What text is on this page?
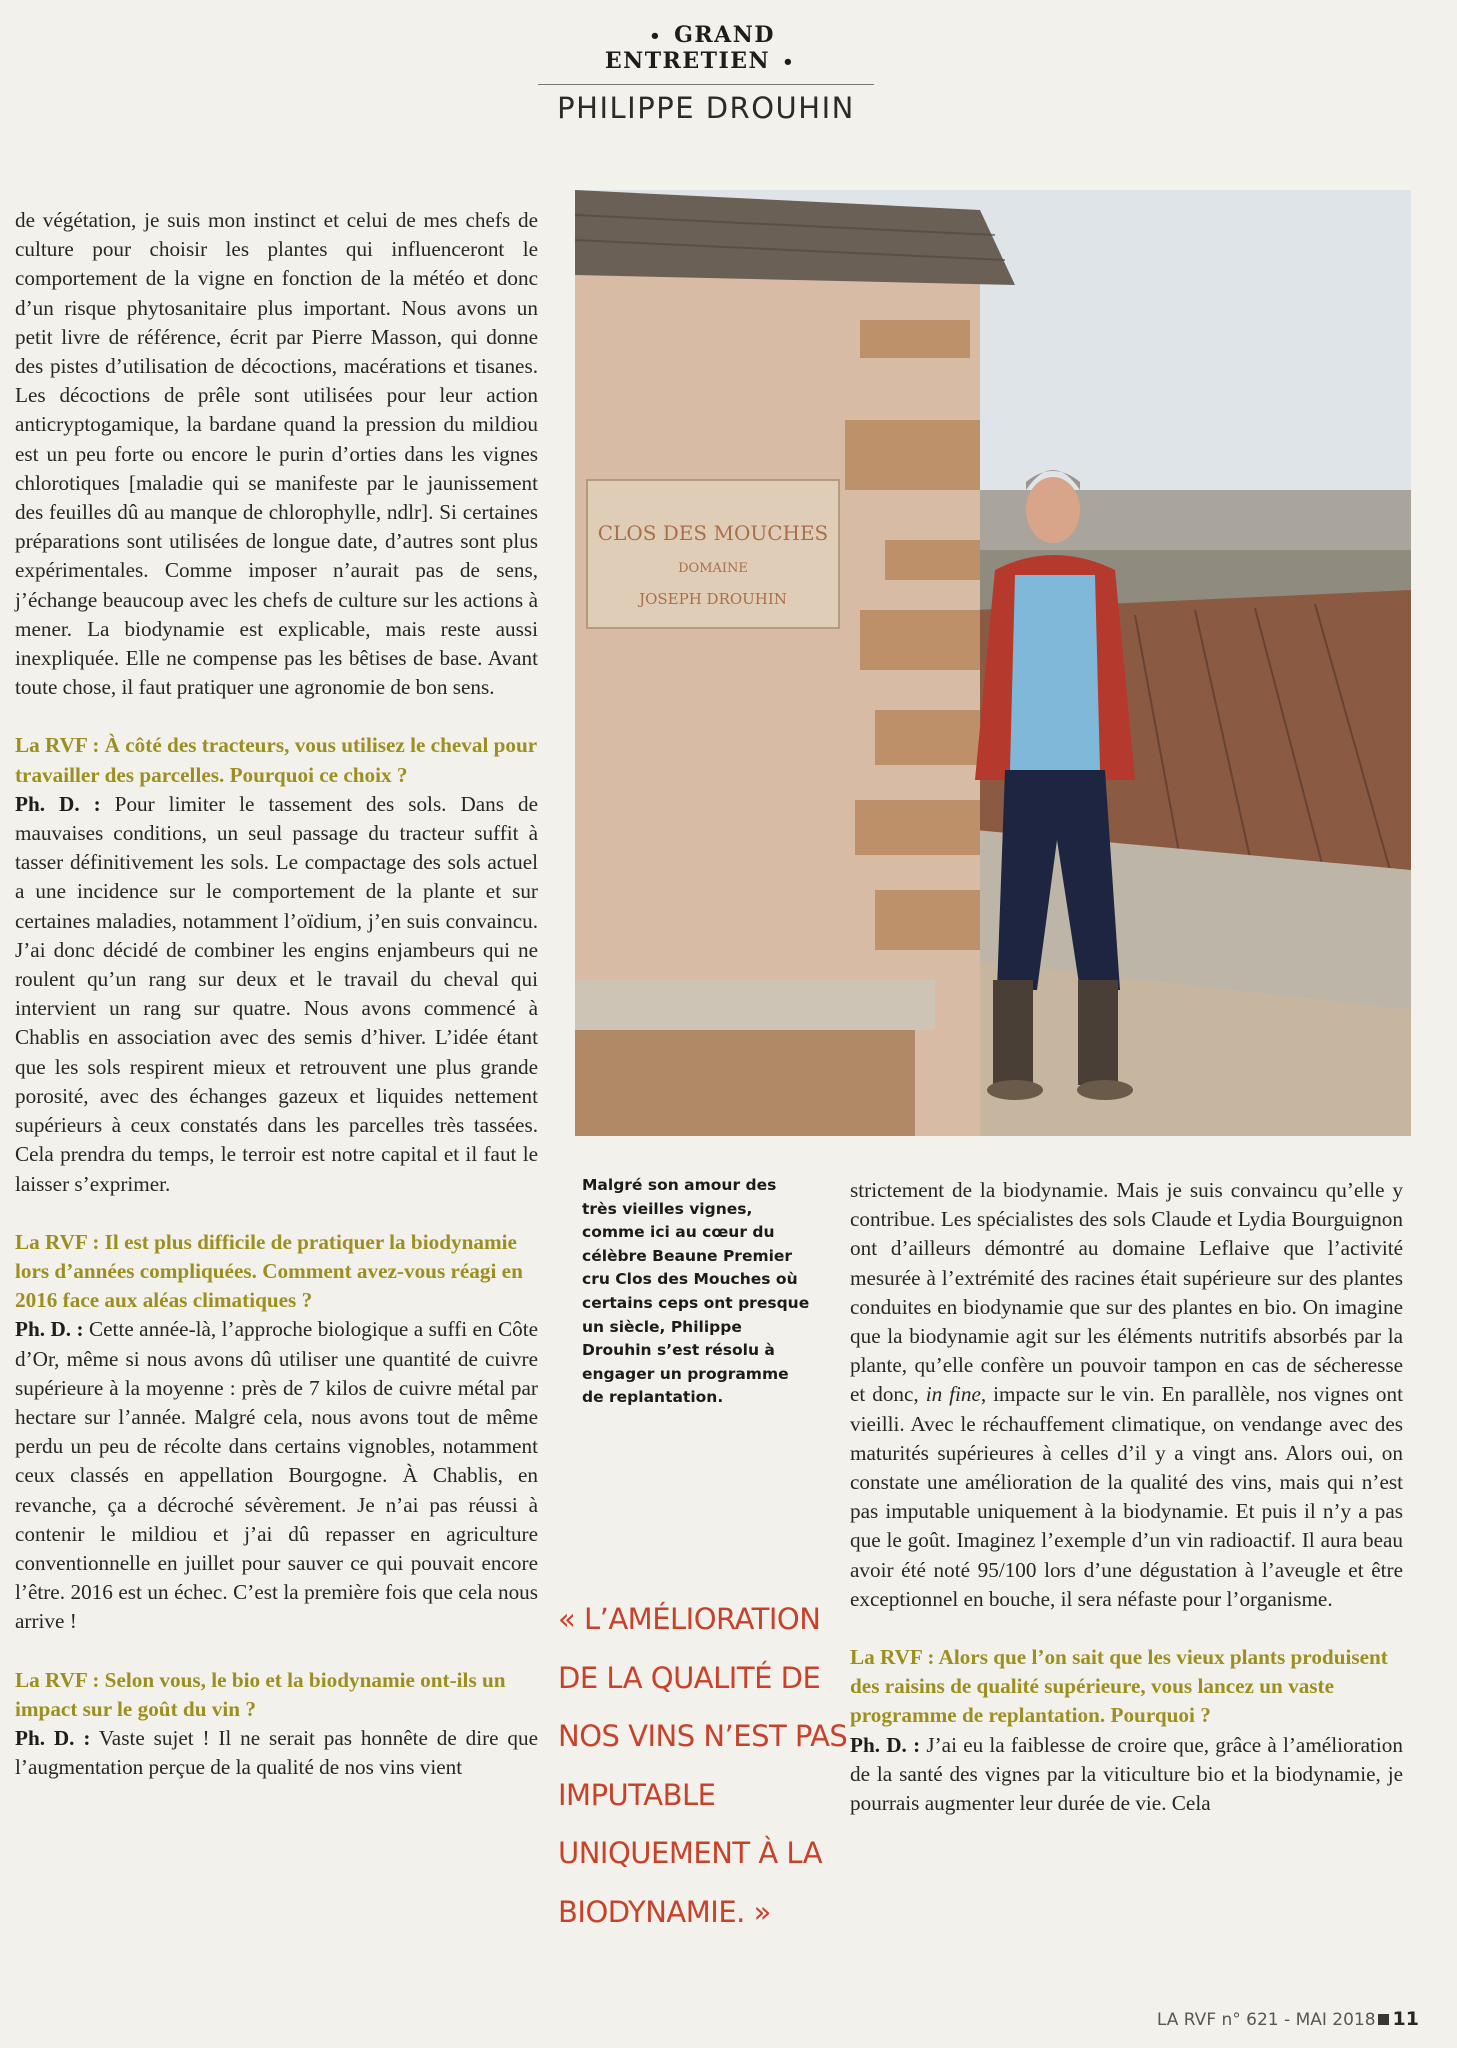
• GRAND ENTRETIEN •
PHILIPPE DROUHIN

de végétation, je suis mon instinct et celui de mes chefs de culture pour choisir les plantes qui influenceront le comportement de la vigne en fonction de la météo et donc d’un risque phytosanitaire plus important. Nous avons un petit livre de référence, écrit par Pierre Masson, qui donne des pistes d’utilisation de décoctions, macérations et tisanes. Les décoctions de prêle sont utilisées pour leur action anticryptogamique, la bardane quand la pression du mildiou est un peu forte ou encore le purin d’orties dans les vignes chlorotiques [maladie qui se manifeste par le jaunissement des feuilles dû au manque de chlorophylle, ndlr]. Si certaines préparations sont utilisées de longue date, d’autres sont plus expérimentales. Comme imposer n’aurait pas de sens, j’échange beaucoup avec les chefs de culture sur les actions à mener. La biodynamie est explicable, mais reste aussi inexpliquée. Elle ne compense pas les bêtises de base. Avant toute chose, il faut pratiquer une agronomie de bon sens.

La RVF : À côté des tracteurs, vous utilisez le cheval pour travailler des parcelles. Pourquoi ce choix ?

Ph. D. : Pour limiter le tassement des sols. Dans de mauvaises conditions, un seul passage du tracteur suffit à tasser définitivement les sols. Le compactage des sols actuel a une incidence sur le comportement de la plante et sur certaines maladies, notamment l’oïdium, j’en suis convaincu. J’ai donc décidé de combiner les engins enjambeurs qui ne roulent qu’un rang sur deux et le travail du cheval qui intervient un rang sur quatre. Nous avons commencé à Chablis en association avec des semis d’hiver. L’idée étant que les sols respirent mieux et retrouvent une plus grande porosité, avec des échanges gazeux et liquides nettement supérieurs à ceux constatés dans les parcelles très tassées. Cela prendra du temps, le terroir est notre capital et il faut le laisser s’exprimer.

La RVF : Il est plus difficile de pratiquer la biodynamie lors d’années compliquées. Comment avez-vous réagi en 2016 face aux aléas climatiques ?

Ph. D. : Cette année-là, l’approche biologique a suffi en Côte d’Or, même si nous avons dû utiliser une quantité de cuivre supérieure à la moyenne : près de 7 kilos de cuivre métal par hectare sur l’année. Malgré cela, nous avons tout de même perdu un peu de récolte dans certains vignobles, notamment ceux classés en appellation Bourgogne. À Chablis, en revanche, ça a décroché sévèrement. Je n’ai pas réussi à contenir le mildiou et j’ai dû repasser en agriculture conventionnelle en juillet pour sauver ce qui pouvait encore l’être. 2016 est un échec. C’est la première fois que cela nous arrive !

La RVF : Selon vous, le bio et la biodynamie ont-ils un impact sur le goût du vin ?

Ph. D. : Vaste sujet ! Il ne serait pas honnête de dire que l’augmentation perçue de la qualité de nos vins vient

CLOS DES MOUCHES
DOMAINE
JOSEPH DROUHIN
Malgré son amour des très vieilles vignes, comme ici au cœur du célèbre Beaune Premier cru Clos des Mouches où certains ceps ont presque un siècle, Philippe Drouhin s’est résolu à engager un programme de replantation.
« L’AMÉLIORATION DE LA QUALITÉ DE NOS VINS N’EST PAS IMPUTABLE UNIQUEMENT À LA BIODYNAMIE. »

strictement de la biodynamie. Mais je suis convaincu qu’elle y contribue. Les spécialistes des sols Claude et Lydia Bourguignon ont d’ailleurs démontré au domaine Leflaive que l’activité mesurée à l’extrémité des racines était supérieure sur des plantes conduites en biodynamie que sur des plantes en bio. On imagine que la biodynamie agit sur les éléments nutritifs absorbés par la plante, qu’elle confère un pouvoir tampon en cas de sécheresse et donc, in fine, impacte sur le vin. En parallèle, nos vignes ont vieilli. Avec le réchauffement climatique, on vendange avec des maturités supérieures à celles d’il y a vingt ans. Alors oui, on constate une amélioration de la qualité des vins, mais qui n’est pas imputable uniquement à la biodynamie. Et puis il n’y a pas que le goût. Imaginez l’exemple d’un vin radioactif. Il aura beau avoir été noté 95/100 lors d’une dégustation à l’aveugle et être exceptionnel en bouche, il sera néfaste pour l’organisme.

La RVF : Alors que l’on sait que les vieux plants produisent des raisins de qualité supérieure, vous lancez un vaste programme de replantation. Pourquoi ?

Ph. D. : J’ai eu la faiblesse de croire que, grâce à l’amélioration de la santé des vignes par la viticulture bio et la biodynamie, je pourrais augmenter leur durée de vie. Cela

LA RVF n° 621 - MAI 2018 11
